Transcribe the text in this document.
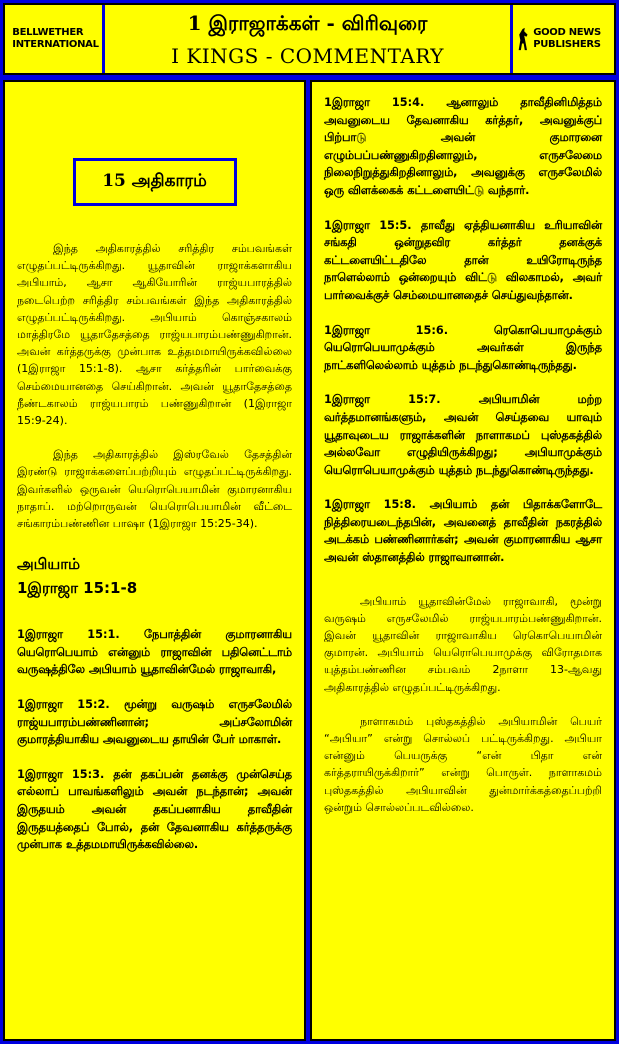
BELLWETHER INTERNATIONAL
1 இராஜாக்கள் - விரிவுரை
I KINGS - COMMENTARY
GOOD NEWS PUBLISHERS
15 அதிகாரம்

இந்த அதிகாரத்தில் சரித்திர சம்பவங்கள் எழுதப்பட்டிருக்கிறது. யூதாவின் ராஜாக்களாகிய அபியாம், ஆசா ஆகியோரின் ராஜ்யபாரத்தில் நடைபெற்ற சரித்திர சம்பவங்கள் இந்த அதிகாரத்தில் எழுதப்பட்டிருக்கிறது. அபியாம் கொஞ்சகாலம் மாத்திரமே யூதாதேசத்தை ராஜ்யபாரம்பண்ணுகிறான். அவன் கர்த்தருக்கு முன்பாக உத்தமமாயிருக்கவில்லை (1இராஜா 15:1-8). ஆசா கர்த்தரின் பார்வைக்கு செம்மையானதை செய்கிறான். அவன் யூதாதேசத்தை நீண்டகாலம் ராஜ்யபாரம் பண்ணுகிறான் (1இராஜா 15:9-24).

இந்த அதிகாரத்தில் இஸ்ரவேல் தேசத்தின் இரண்டு ராஜாக்களைப்பற்றியும் எழுதப்பட்டிருக்கிறது. இவர்களில் ஒருவன் யெரொபெயாமின் குமாரனாகிய நாதாப். மற்றொருவன் யெரொபெயாமின் வீட்டை சங்காரம்பண்ணின பாஷா (1இராஜா 15:25-34).

அபியாம்
1இராஜா 15:1-8

1இராஜா 15:1. நேபாத்தின் குமாரனாகிய யெரொபெயாம் என்னும் ராஜாவின் பதினெட்டாம் வருஷத்திலே அபியாம் யூதாவின்மேல் ராஜாவாகி,

1இராஜா 15:2. மூன்று வருஷம் எருசலேமில் ராஜ்யபாரம்பண்ணினான்; அப்சலோமின் குமாரத்தியாகிய அவனுடைய தாயின் பேர் மாகாள்.

1இராஜா 15:3. தன் தகப்பன் தனக்கு முன்செய்த எல்லாப் பாவங்களிலும் அவன் நடந்தான்; அவன் இருதயம் அவன் தகப்பனாகிய தாவீதின் இருதயத்தைப் போல், தன் தேவனாகிய கர்த்தருக்கு முன்பாக உத்தமமாயிருக்கவில்லை.

1இராஜா 15:4. ஆனாலும் தாவீதினிமித்தம் அவனுடைய தேவனாகிய கர்த்தர், அவனுக்குப் பிற்பாடு அவன் குமாரனை எழும்பப்பண்ணுகிறதினாலும், எருசலேமை நிலைநிறுத்துகிறதினாலும், அவனுக்கு எருசலேமில் ஒரு விளக்கைக் கட்டளையிட்டு வந்தார்.

1இராஜா 15:5. தாவீது ஏத்தியனாகிய உரியாவின் சங்கதி ஒன்றுதவிர கர்த்தர் தனக்குக் கட்டளையிட்டதிலே தான் உயிரோடிருந்த நாளெல்லாம் ஒன்றையும் விட்டு விலகாமல், அவர் பார்வைக்குச் செம்மையானதைச் செய்துவந்தான்.

1இராஜா 15:6. ரெகொபெயாமுக்கும் யெரொபெயாமுக்கும் அவர்கள் இருந்த நாட்களிலெல்லாம் யுத்தம் நடந்துகொண்டிருந்தது.

1இராஜா 15:7. அபியாமின் மற்ற வர்த்தமானங்களும், அவன் செய்தவை யாவும் யூதாவுடைய ராஜாக்களின் நாளாகமப் புஸ்தகத்தில் அல்லவோ எழுதியிருக்கிறது; அபியாமுக்கும் யெரொபெயாமுக்கும் யுத்தம் நடந்துகொண்டிருந்தது.

1இராஜா 15:8. அபியாம் தன் பிதாக்களோடே நித்திரையடைந்தபின், அவனைத் தாவீதின் நகரத்தில் அடக்கம் பண்ணினார்கள்; அவன் குமாரனாகிய ஆசா அவன் ஸ்தானத்தில் ராஜாவானான்.

அபியாம் யூதாவின்மேல் ராஜாவாகி, மூன்று வருஷம் எருசலேமில் ராஜ்யபாரம்பண்ணுகிறான். இவன் யூதாவின் ராஜாவாகிய ரெகொபெயாமின் குமாரன். அபியாம் யெரொபெயாமுக்கு விரோதமாக யுத்தம்பண்ணின சம்பவம் 2நாளா 13-ஆவது அதிகாரத்தில் எழுதப்பட்டிருக்கிறது.

நாளாகமம் புஸ்தகத்தில் அபியாமின் பெயர் “அபியா” என்று சொல்லப் பட்டிருக்கிறது. அபியா என்னும் பெயருக்கு “என் பிதா என் கர்த்தராயிருக்கிறார்” என்று பொருள். நாளாகமம் புஸ்தகத்தில் அபியாவின் துன்மார்க்கத்தைப்பற்றி ஒன்றும் சொல்லப்படவில்லை.
